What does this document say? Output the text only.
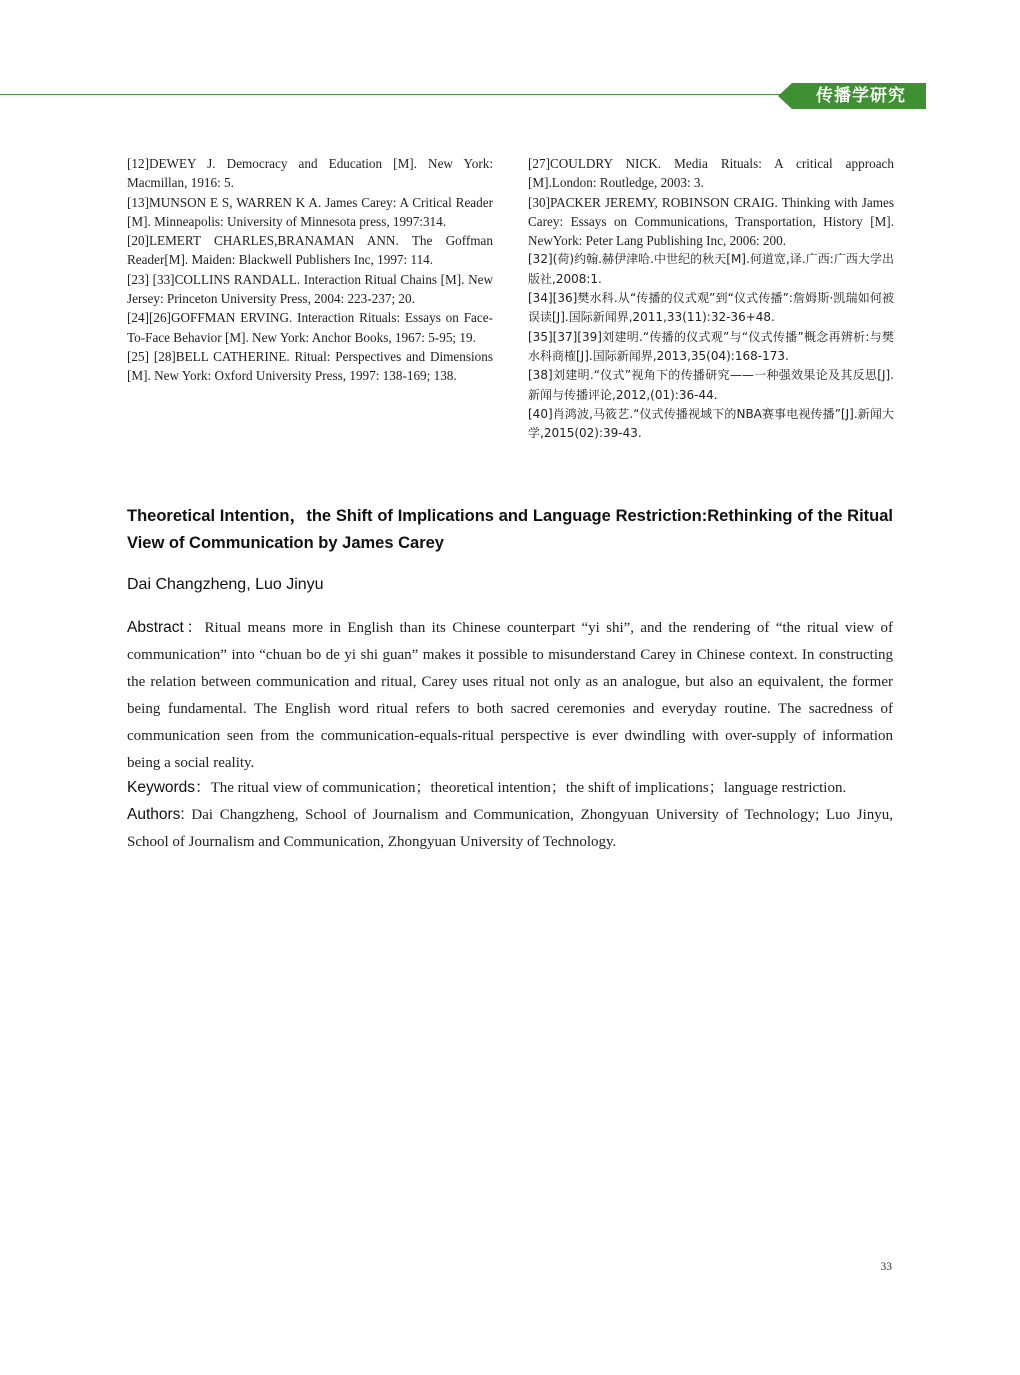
传播学研究

[12]DEWEY J. Democracy and Education [M]. New York: Macmillan, 1916: 5.

[13]MUNSON E S, WARREN K A. James Carey: A Critical Reader [M]. Minneapolis: University of Minnesota press, 1997:314.

[20]LEMERT CHARLES,BRANAMAN ANN. The Goffman Reader[M]. Maiden: Blackwell Publishers Inc, 1997: 114.

[23] [33]COLLINS RANDALL. Interaction Ritual Chains [M]. New Jersey: Princeton University Press, 2004: 223-237; 20.

[24][26]GOFFMAN ERVING. Interaction Rituals: Essays on Face-To-Face Behavior [M]. New York: Anchor Books, 1967: 5-95; 19.

[25] [28]BELL CATHERINE. Ritual: Perspectives and Dimensions [M]. New York: Oxford University Press, 1997: 138-169; 138.

[27]COULDRY NICK. Media Rituals: A critical approach [M].London: Routledge, 2003: 3.

[30]PACKER JEREMY, ROBINSON CRAIG. Thinking with James Carey: Essays on Communications, Transportation, History [M]. NewYork: Peter Lang Publishing Inc, 2006: 200.

[32](荷)约翰.赫伊津哈.中世纪的秋天[M].何道宽,译.广西:广西大学出版社,2008:1.

[34][36]樊水科.从“传播的仪式观”到“仪式传播”:詹姆斯·凯瑞如何被误读[J].国际新闻界,2011,33(11):32-36+48.

[35][37][39]刘建明.“传播的仪式观”与“仪式传播”概念再辨析:与樊水科商榷[J].国际新闻界,2013,35(04):168-173.

[38]刘建明.“仪式”视角下的传播研究——一种强效果论及其反思[J].新闻与传播评论,2012,(01):36-44.

[40]肖鸿波,马筱艺.“仪式传播视域下的NBA赛事电视传播”[J].新闻大学,2015(02):39-43.

Theoretical Intention，the Shift of Implications and Language Restriction:Rethinking of the Ritual View of Communication by James Carey
Dai Changzheng, Luo Jinyu
Abstract：Ritual means more in English than its Chinese counterpart “yi shi”, and the rendering of “the ritual view of communication” into “chuan bo de yi shi guan” makes it possible to misunderstand Carey in Chinese context. In constructing the relation between communication and ritual, Carey uses ritual not only as an analogue, but also an equivalent, the former being fundamental. The English word ritual refers to both sacred ceremonies and everyday routine. The sacredness of communication seen from the communication-equals-ritual perspective is ever dwindling with over-supply of information being a social reality.
Keywords：The ritual view of communication；theoretical intention；the shift of implications；language restriction.
Authors: Dai Changzheng, School of Journalism and Communication, Zhongyuan University of Technology; Luo Jinyu, School of Journalism and Communication, Zhongyuan University of Technology.
33
